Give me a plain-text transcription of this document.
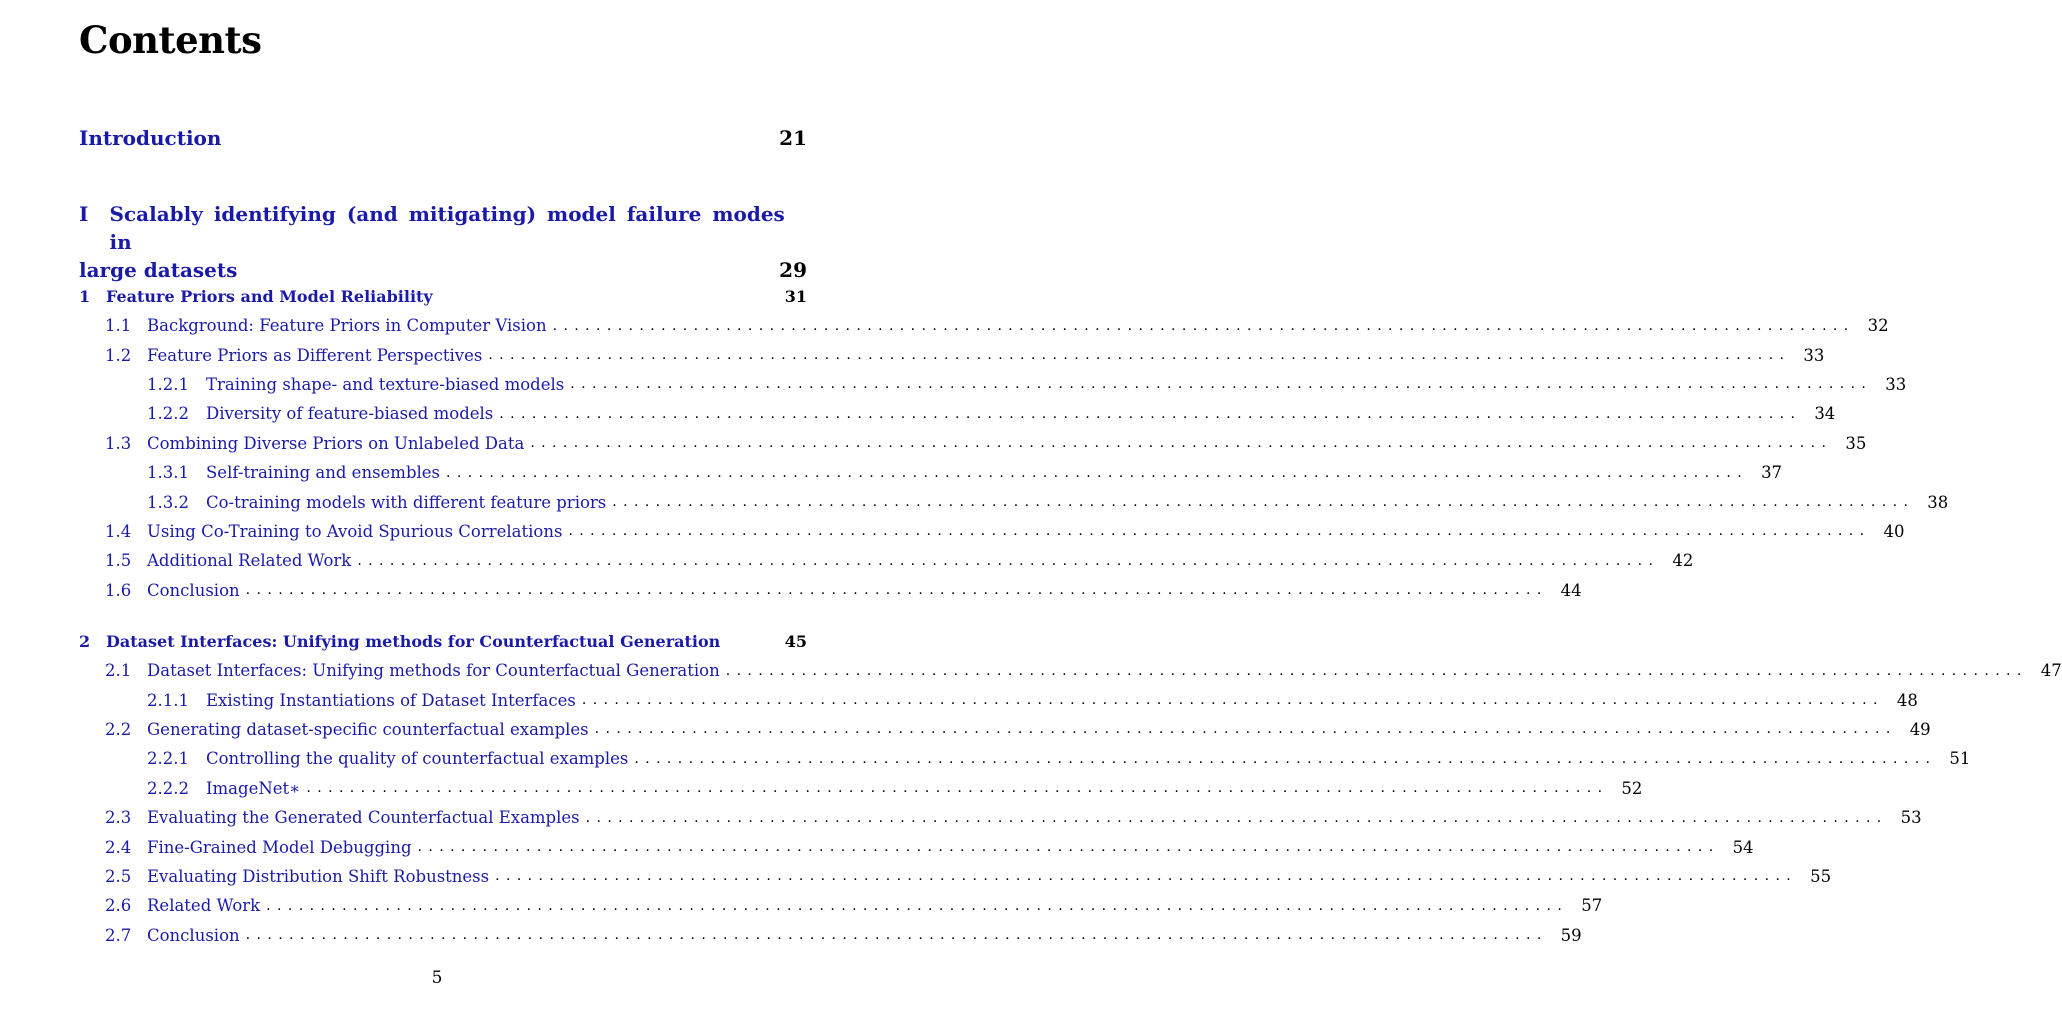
Contents
Introduction	21
I	Scalably identifying (and mitigating) model failure modes in
large datasets	29
1 Feature Priors and Model Reliability	31
1.1 Background: Feature Priors in Computer Vision ........................................................................................................................ 32
1.2 Feature Priors as Different Perspectives ........................................................................................................................ 33
1.2.1	Training shape- and texture-biased models ........................................................................................................................ 33
1.2.2	Diversity of feature-biased models ........................................................................................................................ 34
1.3 Combining Diverse Priors on Unlabeled Data ........................................................................................................................ 35
1.3.1	Self-training and ensembles ........................................................................................................................ 37
1.3.2	Co-training models with different feature priors ........................................................................................................................ 38
1.4 Using Co-Training to Avoid Spurious Correlations ........................................................................................................................ 40
1.5 Additional Related Work ........................................................................................................................ 42
1.6 Conclusion ........................................................................................................................ 44
2 Dataset Interfaces: Unifying methods for Counterfactual Generation	45
2.1 Dataset Interfaces: Unifying methods for Counterfactual Generation ........................................................................................................................ 47
2.1.1	Existing Instantiations of Dataset Interfaces ........................................................................................................................ 48
2.2 Generating dataset-specific counterfactual examples ........................................................................................................................ 49
2.2.1	Controlling the quality of counterfactual examples ........................................................................................................................ 51
2.2.2	ImageNet∗ ........................................................................................................................ 52
2.3 Evaluating the Generated Counterfactual Examples ........................................................................................................................ 53
2.4 Fine-Grained Model Debugging ........................................................................................................................ 54
2.5 Evaluating Distribution Shift Robustness ........................................................................................................................ 55
2.6 Related Work ........................................................................................................................ 57
2.7 Conclusion ........................................................................................................................ 59
5
